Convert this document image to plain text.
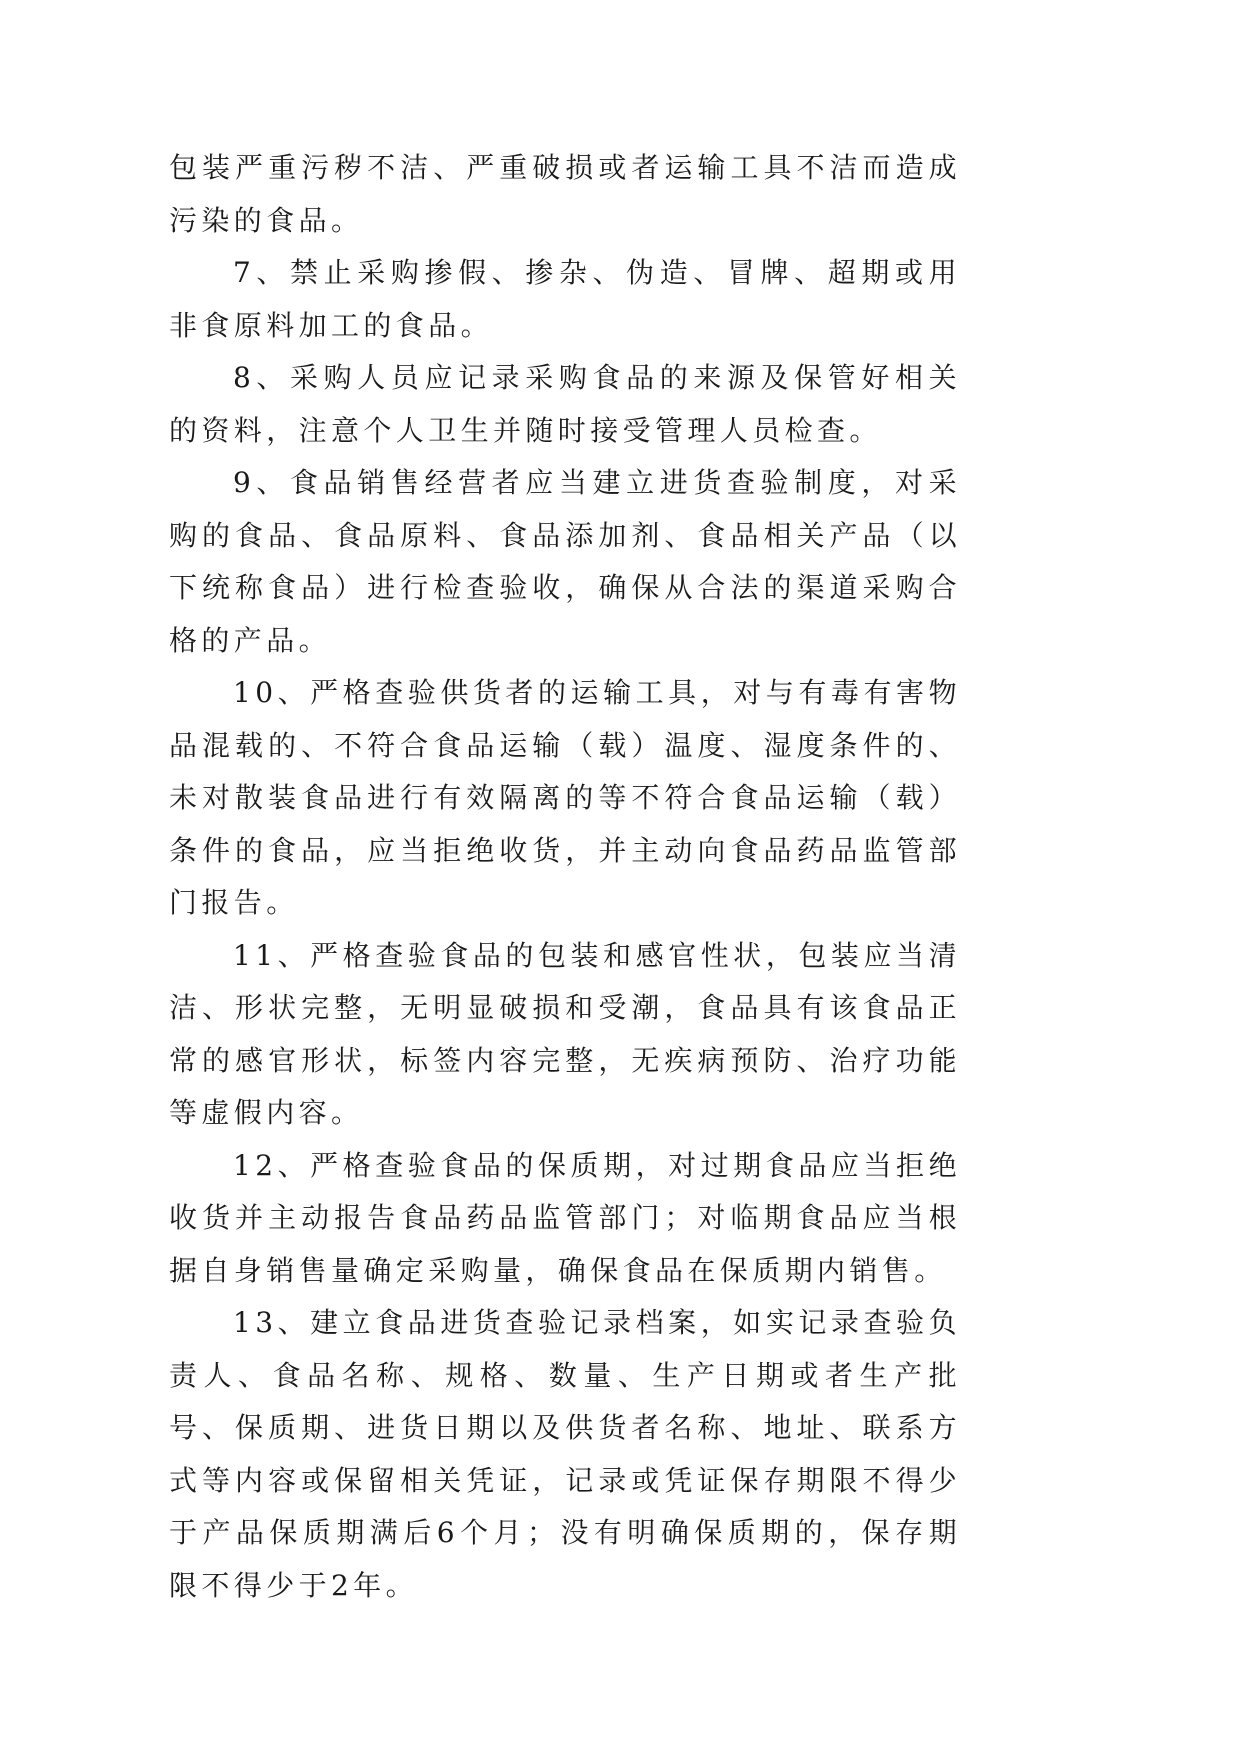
包装严重污秽不洁、严重破损或者运输工具不洁而造成污染的食品。

7、禁止采购掺假、掺杂、伪造、冒牌、超期或用非食原料加工的食品。

8、采购人员应记录采购食品的来源及保管好相关的资料，注意个人卫生并随时接受管理人员检查。

9、食品销售经营者应当建立进货查验制度，对采购的食品、食品原料、食品添加剂、食品相关产品（以下统称食品）进行检查验收，确保从合法的渠道采购合格的产品。

10、严格查验供货者的运输工具，对与有毒有害物品混载的、不符合食品运输（载）温度、湿度条件的、未对散装食品进行有效隔离的等不符合食品运输（载）条件的食品，应当拒绝收货，并主动向食品药品监管部门报告。

11、严格查验食品的包装和感官性状，包装应当清洁、形状完整，无明显破损和受潮，食品具有该食品正常的感官形状，标签内容完整，无疾病预防、治疗功能等虚假内容。

12、严格查验食品的保质期，对过期食品应当拒绝收货并主动报告食品药品监管部门；对临期食品应当根据自身销售量确定采购量，确保食品在保质期内销售。

13、建立食品进货查验记录档案，如实记录查验负责人、食品名称、规格、数量、生产日期或者生产批号、保质期、进货日期以及供货者名称、地址、联系方式等内容或保留相关凭证，记录或凭证保存期限不得少于产品保质期满后6个月；没有明确保质期的，保存期限不得少于2年。
